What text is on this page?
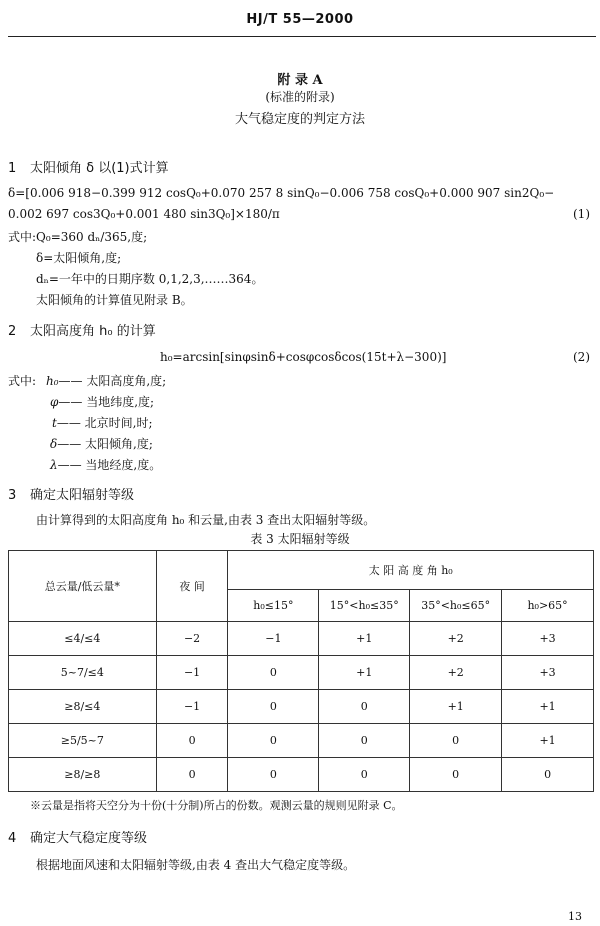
HJ/T 55—2000
附 录 A
(标准的附录)
大气稳定度的判定方法
1 太阳倾角 δ 以(1)式计算
δ=[0.006 918−0.399 912 cosQ₀+0.070 257 8 sinQ₀−0.006 758 cosQ₀+0.000 907 sin2Q₀−
0.002 697 cos3Q₀+0.001 480 sin3Q₀]×180/π	(1)
式中:Q₀=360 dₙ/365,度;
δ=太阳倾角,度;
dₙ=一年中的日期序数 0,1,2,3,……364。
太阳倾角的计算值见附录 B。
2 太阳高度角 h₀ 的计算
h₀=arcsin[sinφsinδ+cosφcosδcos(15t+λ−300)]	(2)
式中: h₀—— 太阳高度角,度;
φ—— 当地纬度,度;
t—— 北京时间,时;
δ—— 太阳倾角,度;
λ—— 当地经度,度。
3 确定太阳辐射等级
由计算得到的太阳高度角 h₀ 和云量,由表 3 查出太阳辐射等级。
表 3 太阳辐射等级
总云量/低云量*	夜 间	太 阳 高 度 角 h₀			
		h₀≤15°	15°<h₀≤35°	35°<h₀≤65°	h₀>65°
≤4/≤4	−2	−1	+1	+2	+3
5~7/≤4	−1	0	+1	+2	+3
≥8/≤4	−1	0	0	+1	+1
≥5/5~7	0	0	0	0	+1
≥8/≥8	0	0	0	0	0
※云量是指将天空分为十份(十分制)所占的份数。观测云量的规则见附录 C。
4 确定大气稳定度等级
根据地面风速和太阳辐射等级,由表 4 查出大气稳定度等级。
13
